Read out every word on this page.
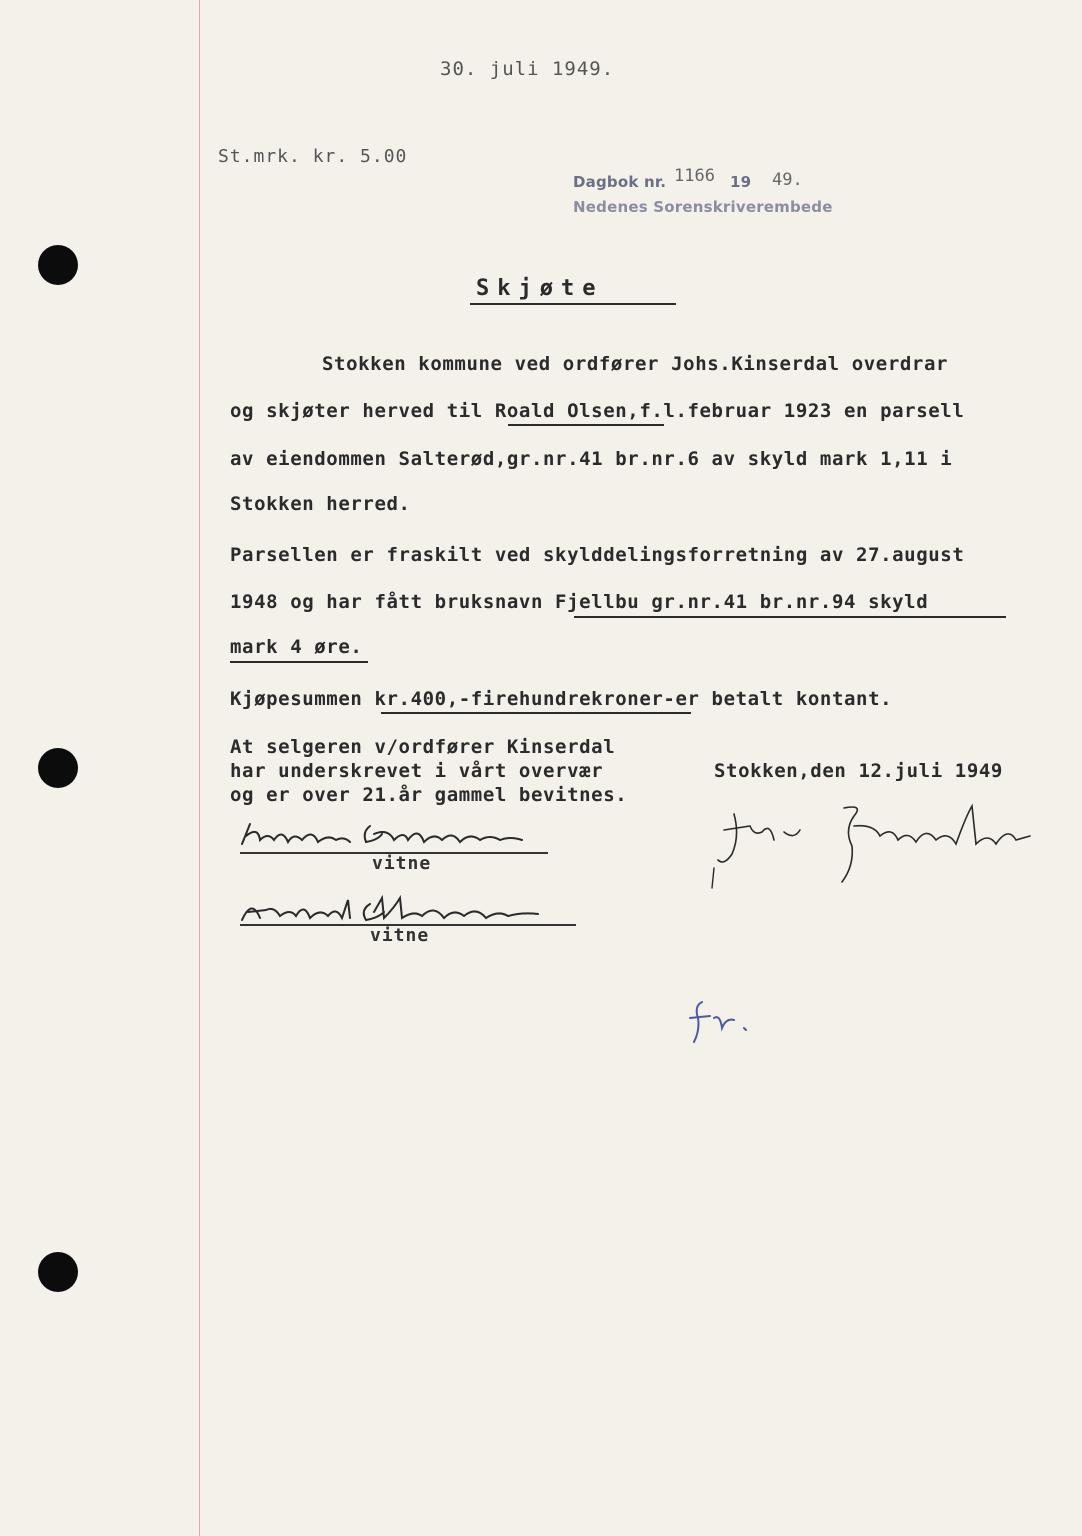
30. juli 1949.
St.mrk. kr. 5.00
Dagbok nr. 1166 19 49.
Nedenes Sorenskriverembede
Skjøte
Stokken kommune ved ordfører Johs.Kinserdal overdrar
og skjøter herved til Roald Olsen,f.l.februar 1923 en parsell
av eiendommen Salterød,gr.nr.41 br.nr.6 av skyld mark 1,11 i
Stokken herred.
Parsellen er fraskilt ved skylddelingsforretning av 27.august
1948 og har fått bruksnavn Fjellbu gr.nr.41 br.nr.94 skyld
mark 4 øre.
Kjøpesummen kr.400,-firehundrekroner-er betalt kontant.
At selgeren v/ordfører Kinserdal
har underskrevet i vårt overvær
og er over 21.år gammel bevitnes.
Stokken,den 12.juli 1949
vitne
vitne
